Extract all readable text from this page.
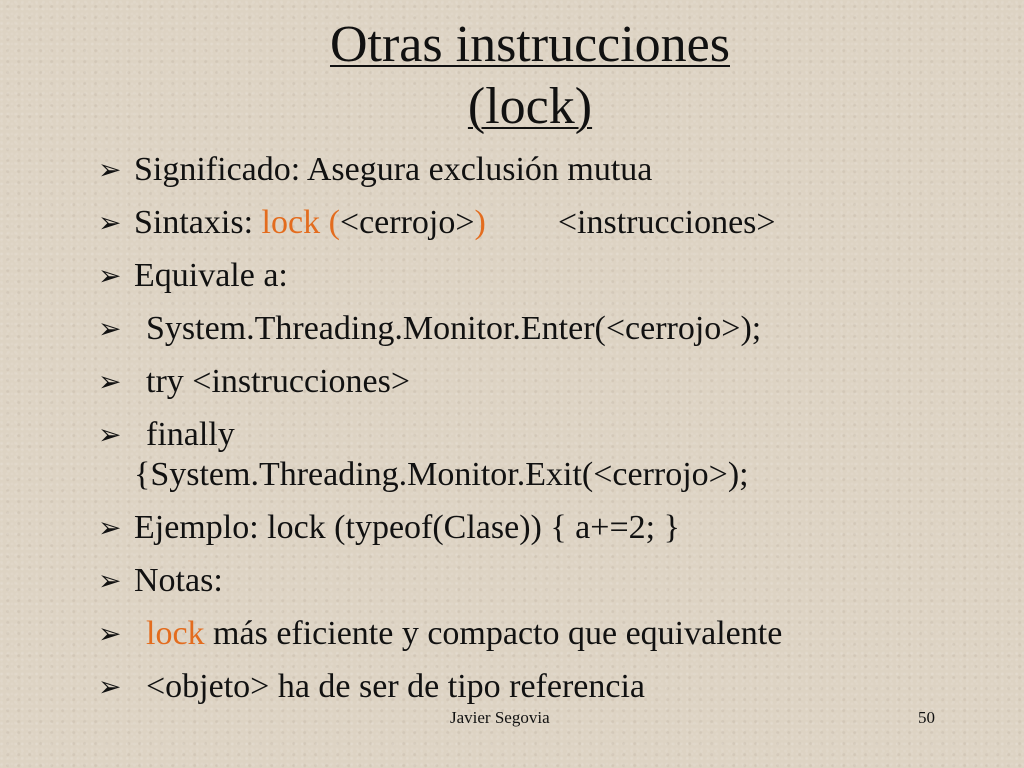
Otras instrucciones
(lock)
➢ Significado: Asegura exclusión mutua
➢ Sintaxis: lock (<cerrojo>) <instrucciones>
➢ Equivale a:
➢ System.Threading.Monitor.Enter(<cerrojo>);
➢ try <instrucciones>
➢ finally
{System.Threading.Monitor.Exit(<cerrojo>);
➢ Ejemplo: lock (typeof(Clase)) { a+=2; }
➢ Notas:
➢ lock más eficiente y compacto que equivalente
➢ <objeto> ha de ser de tipo referencia
Javier Segovia	50
